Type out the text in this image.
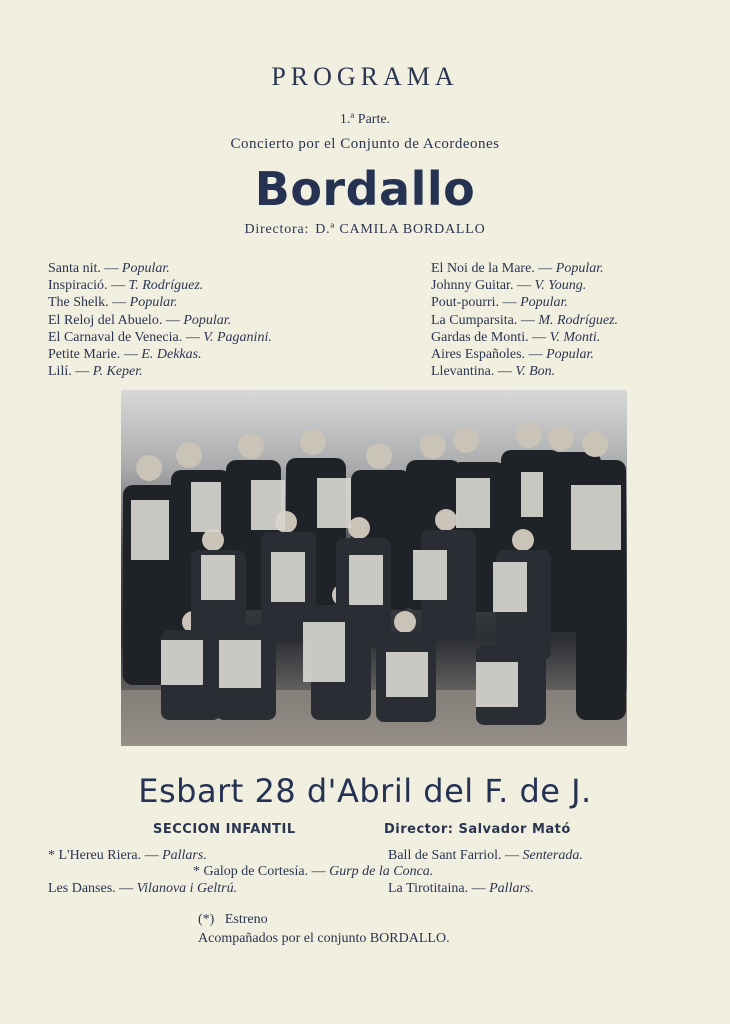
PROGRAMA
1.ª Parte.
Concierto por el Conjunto de Acordeones
Bordallo
Directora: D.ª CAMILA BORDALLO
Santa nit. — Popular.
Inspiració. — T. Rodríguez.
The Shelk. — Popular.
El Reloj del Abuelo. — Popular.
El Carnaval de Venecia. — V. Paganini.
Petite Marie. — E. Dekkas.
Lilí. — P. Keper.
El Noi de la Mare. — Popular.
Johnny Guitar. — V. Young.
Pout-pourri. — Popular.
La Cumparsita. — M. Rodríguez.
Gardas de Monti. — V. Monti.
Aires Españoles. — Popular.
Llevantina. — V. Bon.
Esbart 28 d'Abril del F. de J.
SECCION INFANTIL	Director: Salvador Mató
* L'Hereu Riera. — Pallars.	Ball de Sant Farriol. — Senterada.
* Galop de Cortesía. — Gurp de la Conca.
Les Danses. — Vilanova i Geltrú.	La Tirotitaina. — Pallars.
(*) Estreno
Acompañados por el conjunto BORDALLO.
